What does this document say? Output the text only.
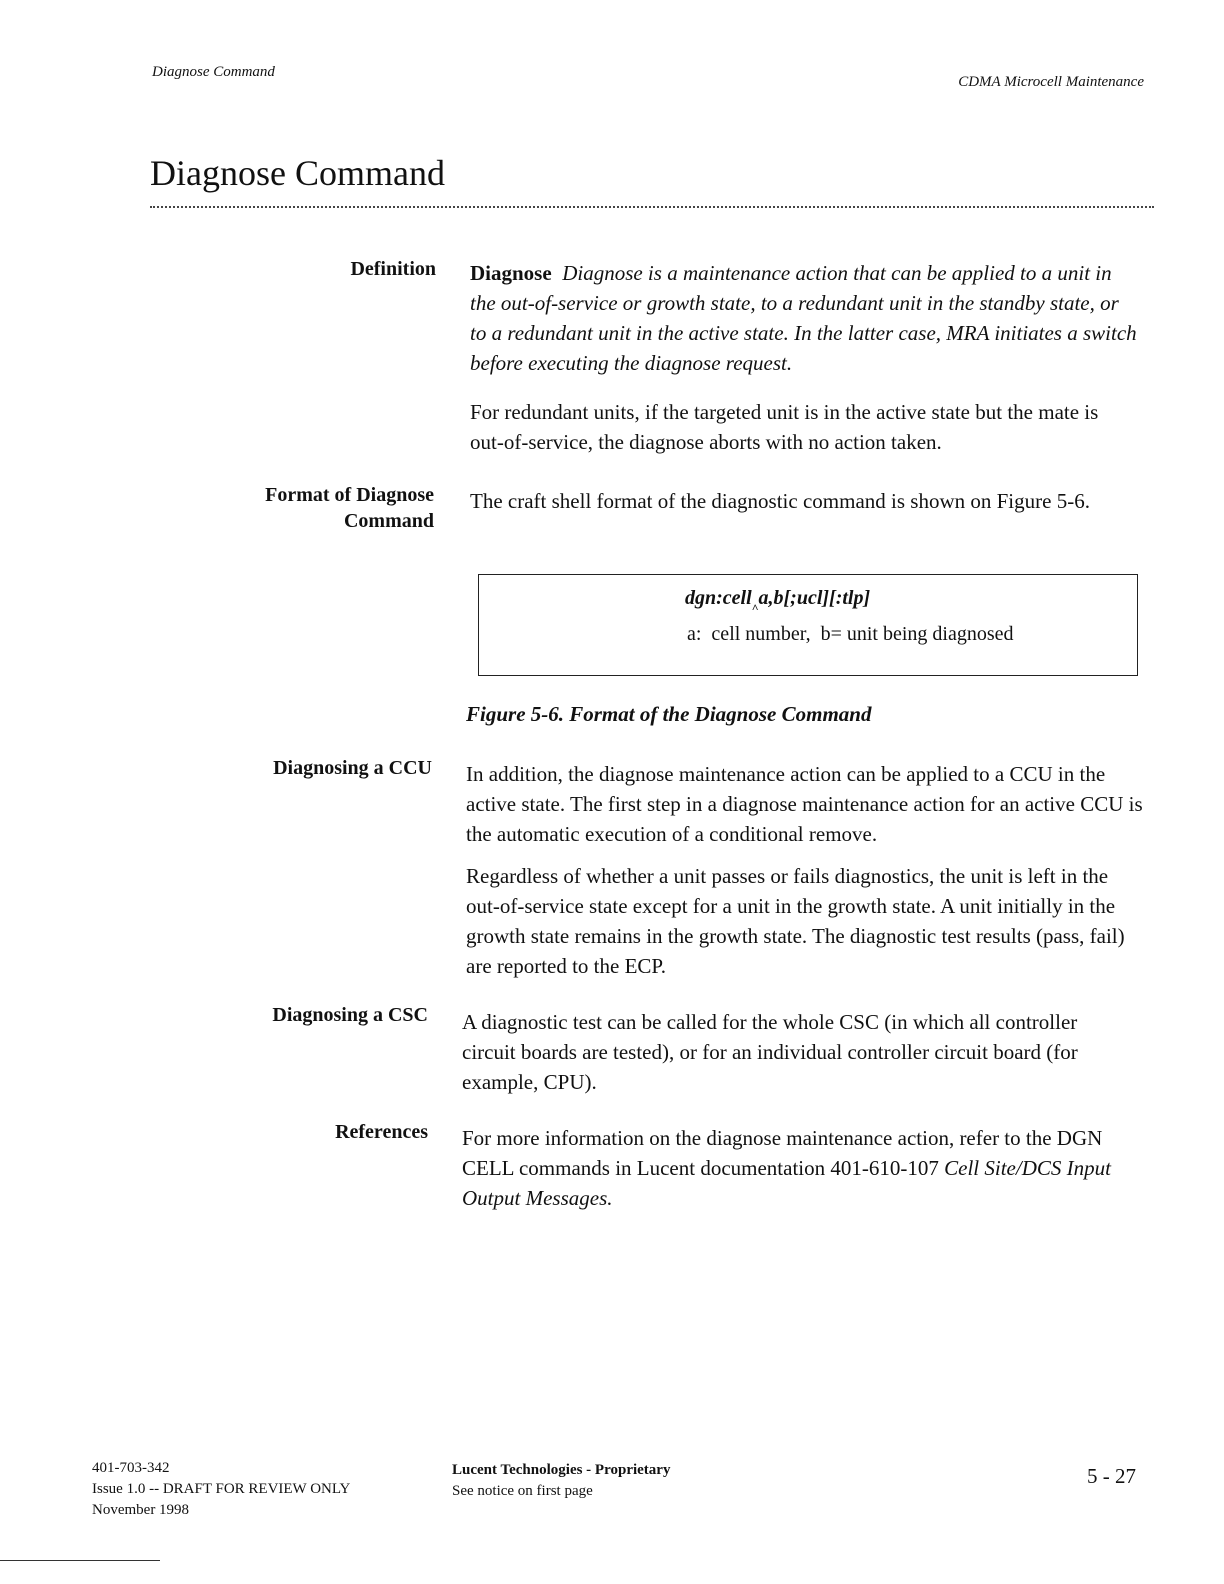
Diagnose Command
CDMA Microcell Maintenance
Diagnose Command
Definition Diagnose Diagnose is a maintenance action that can be applied to a unit in the out-of-service or growth state, to a redundant unit in the standby state, or to a redundant unit in the active state. In the latter case, MRA initiates a switch before executing the diagnose request.
For redundant units, if the targeted unit is in the active state but the mate is out-of-service, the diagnose aborts with no action taken.
Format of Diagnose
Command
The craft shell format of the diagnostic command is shown on Figure 5-6.
dgn:cell$_{\^{}}$a,b[;ucl][:tlp]
a:  cell number,  b= unit being diagnosed
Figure 5-6. Format of the Diagnose Command
Diagnosing a CCU In addition, the diagnose maintenance action can be applied to a CCU in the active state. The first step in a diagnose maintenance action for an active CCU is the automatic execution of a conditional remove.
Regardless of whether a unit passes or fails diagnostics, the unit is left in the out-of-service state except for a unit in the growth state. A unit initially in the growth state remains in the growth state. The diagnostic test results (pass, fail) are reported to the ECP.
Diagnosing a CSC A diagnostic test can be called for the whole CSC (in which all controller circuit boards are tested), or for an individual controller circuit board (for example, CPU).
References For more information on the diagnose maintenance action, refer to the DGN CELL commands in Lucent documentation 401-610-107 Cell Site/DCS Input Output Messages.
401-703-342
Issue 1.0 -- DRAFT FOR REVIEW ONLY
November 1998
Lucent Technologies - Proprietary
See notice on first page
5 - 27
